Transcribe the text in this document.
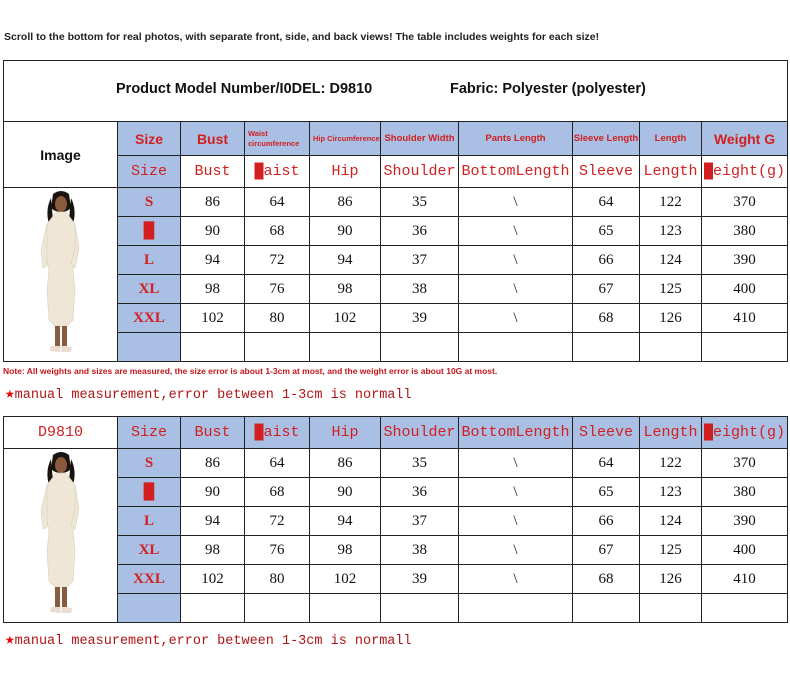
Scroll to the bottom for real photos, with separate front, side, and back views! The table includes weights for each size!
Product Model Number/I0DEL: D9810 Fabric: Polyester (polyester)									

Image	Size	Bust	Waist circumference	Hip Circumference	Shoulder Width	Pants Length	Sleeve Length	Length	Weight G
	Size	Bust	█aist	Hip	Shoulder	BottomLength	Sleeve	Length	█eight(g)
	S	86	64	86	35	\	64	122	370
	█	90	68	90	36	\	65	123	380
	L	94	72	94	37	\	66	124	390
	XL	98	76	98	38	\	67	125	400
	XXL	102	80	102	39	\	68	126	410

Note: All weights and sizes are measured, the size error is about 1-3cm at most, and the weight error is about 10G at most.
★manual measurement,error between 1-3cm is normall
D9810	Size	Bust	█aist	Hip	Shoulder	BottomLength	Sleeve	Length	█eight(g)
	S	86	64	86	35	\	64	122	370
	█	90	68	90	36	\	65	123	380
	L	94	72	94	37	\	66	124	390
	XL	98	76	98	38	\	67	125	400
	XXL	102	80	102	39	\	68	126	410

★manual measurement,error between 1-3cm is normall
